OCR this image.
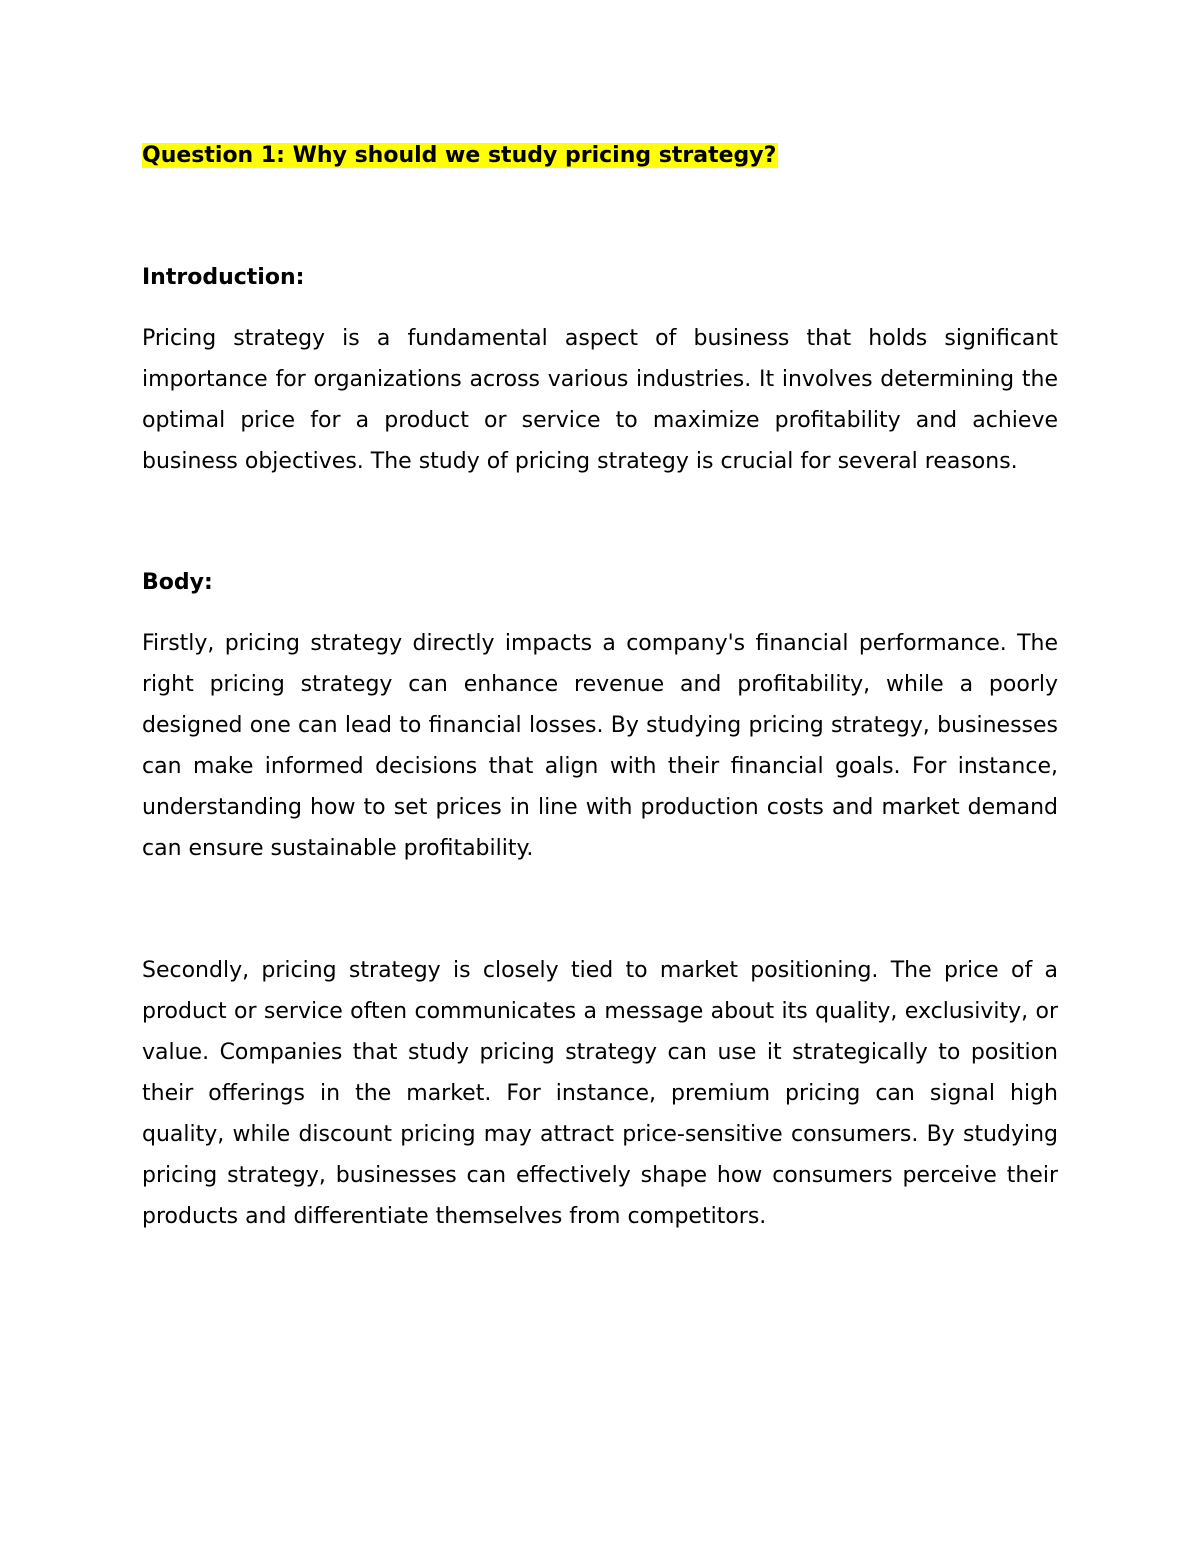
Question 1: Why should we study pricing strategy?

Introduction:

Pricing strategy is a fundamental aspect of business that holds significant importance for organizations across various industries. It involves determining the optimal price for a product or service to maximize profitability and achieve business objectives. The study of pricing strategy is crucial for several reasons.

Body:

Firstly, pricing strategy directly impacts a company's financial performance. The right pricing strategy can enhance revenue and profitability, while a poorly designed one can lead to financial losses. By studying pricing strategy, businesses can make informed decisions that align with their financial goals. For instance, understanding how to set prices in line with production costs and market demand can ensure sustainable profitability.

Secondly, pricing strategy is closely tied to market positioning. The price of a product or service often communicates a message about its quality, exclusivity, or value. Companies that study pricing strategy can use it strategically to position their offerings in the market. For instance, premium pricing can signal high quality, while discount pricing may attract price-sensitive consumers. By studying pricing strategy, businesses can effectively shape how consumers perceive their products and differentiate themselves from competitors.
